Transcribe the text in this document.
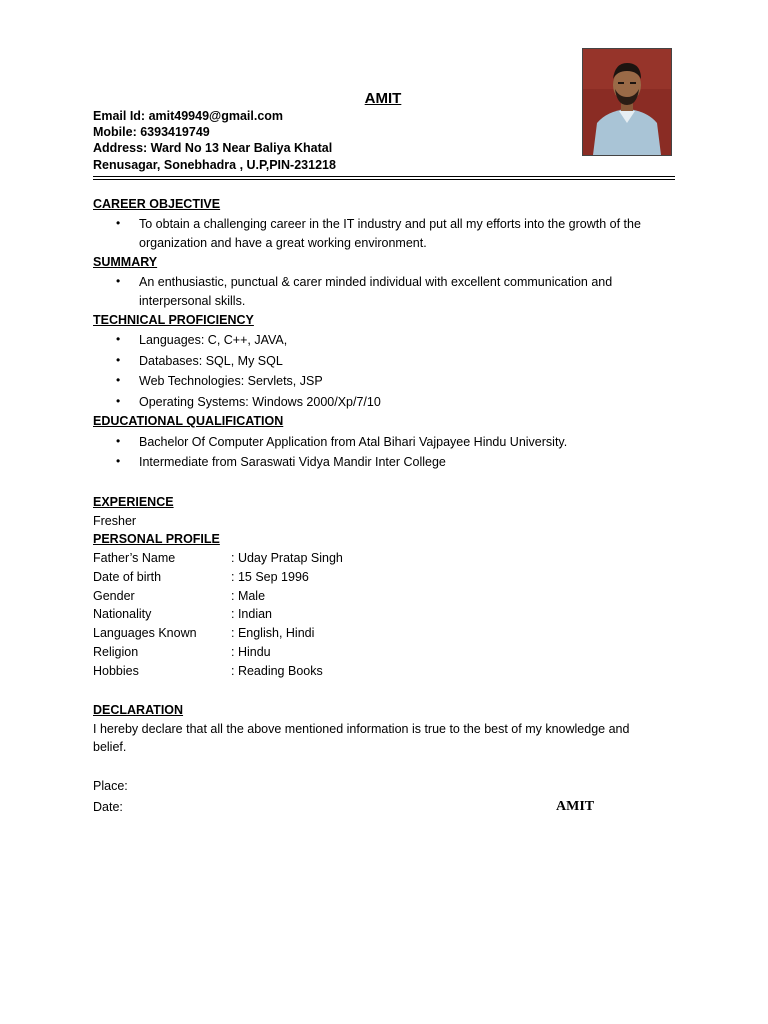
AMIT
Email Id: amit49949@gmail.com
Mobile: 6393419749
Address: Ward No 13 Near Baliya Khatal
Renusagar, Sonebhadra , U.P,PIN-231218
CAREER OBJECTIVE
• To obtain a challenging career in the IT industry and put all my efforts into the growth of the
organization and have a great working environment.
SUMMARY
• An enthusiastic, punctual & carer minded individual with excellent communication and
interpersonal skills.
TECHNICAL PROFICIENCY
• Languages: C, C++, JAVA,
• Databases: SQL, My SQL
• Web Technologies: Servlets, JSP
• Operating Systems: Windows 2000/Xp/7/10
EDUCATIONAL QUALIFICATION
• Bachelor Of Computer Application from Atal Bihari Vajpayee Hindu University.
• Intermediate from Saraswati Vidya Mandir Inter College
EXPERIENCE
Fresher
PERSONAL PROFILE
Father’s Name	: Uday Pratap Singh
Date of birth	: 15 Sep 1996
Gender	: Male
Nationality	: Indian
Languages Known	: English, Hindi
Religion	: Hindu
Hobbies	: Reading Books
DECLARATION
I hereby declare that all the above mentioned information is true to the best of my knowledge and
belief.
Place:
Date:	AMIT
